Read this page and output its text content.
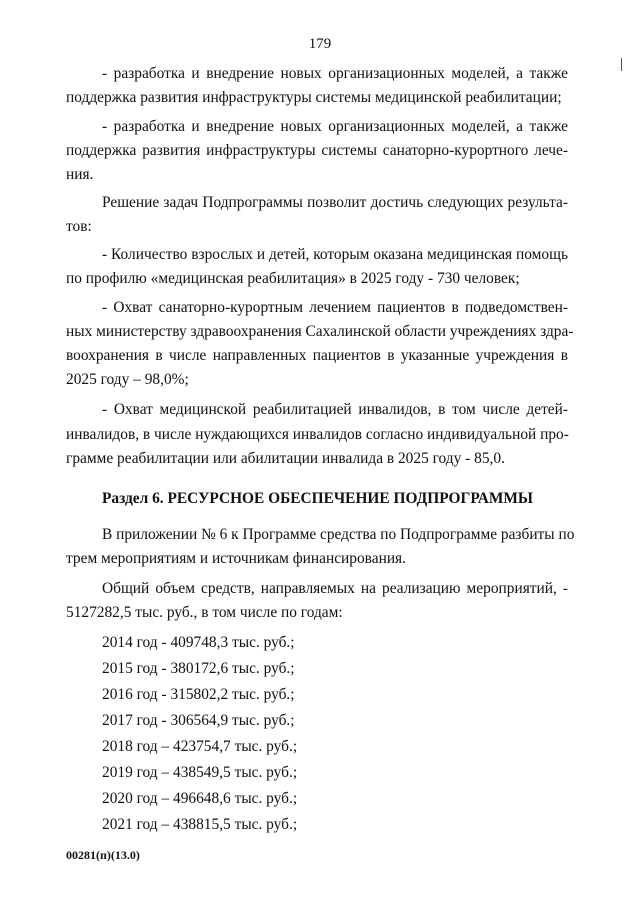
179
- разработка и внедрение новых организационных моделей, а также
поддержка развития инфраструктуры системы медицинской реабилитации;
- разработка и внедрение новых организационных моделей, а также
поддержка развития инфраструктуры системы санаторно-курортного лече-
ния.
Решение задач Подпрограммы позволит достичь следующих результа-
тов:
- Количество взрослых и детей, которым оказана медицинская помощь
по профилю «медицинская реабилитация» в 2025 году - 730 человек;
- Охват санаторно-курортным лечением пациентов в подведомствен-
ных министерству здравоохранения Сахалинской области учреждениях здра-
воохранения в числе направленных пациентов в указанные учреждения в
2025 году – 98,0%;
- Охват медицинской реабилитацией инвалидов, в том числе детей-
инвалидов, в числе нуждающихся инвалидов согласно индивидуальной про-
грамме реабилитации или абилитации инвалида в 2025 году - 85,0.
Раздел 6. РЕСУРСНОЕ ОБЕСПЕЧЕНИЕ ПОДПРОГРАММЫ
В приложении № 6 к Программе средства по Подпрограмме разбиты по
трем мероприятиям и источникам финансирования.
Общий объем средств, направляемых на реализацию мероприятий, -
5127282,5 тыс. руб., в том числе по годам:
2014 год - 409748,3 тыс. руб.;
2015 год - 380172,6 тыс. руб.;
2016 год - 315802,2 тыс. руб.;
2017 год - 306564,9 тыс. руб.;
2018 год – 423754,7 тыс. руб.;
2019 год – 438549,5 тыс. руб.;
2020 год – 496648,6 тыс. руб.;
2021 год – 438815,5 тыс. руб.;
00281(п)(13.0)
